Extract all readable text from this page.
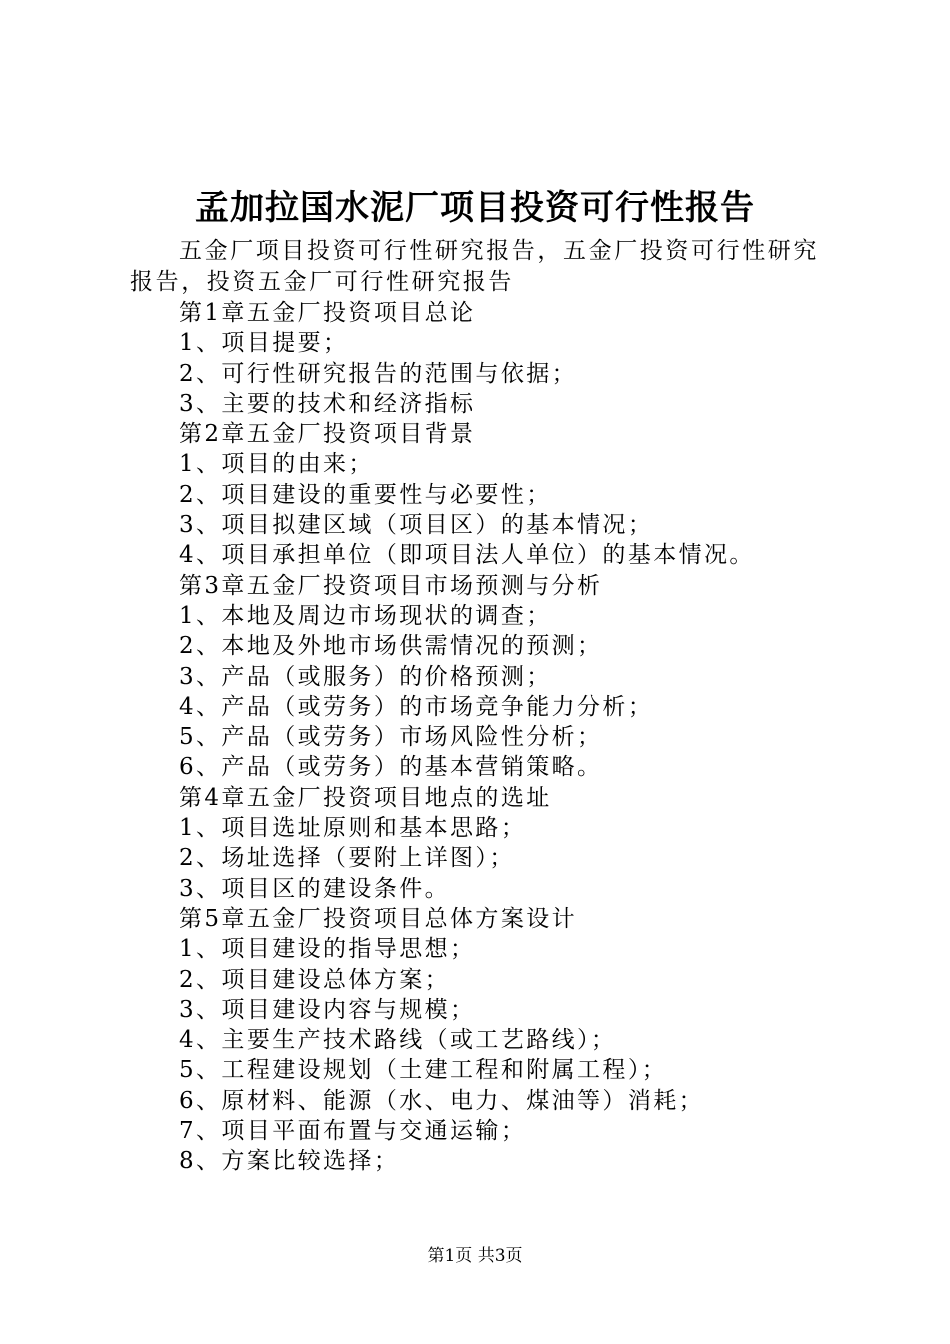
孟加拉国水泥厂项目投资可行性报告
五金厂项目投资可行性研究报告，五金厂投资可行性研究报告，投资五金厂可行性研究报告
第1章五金厂投资项目总论
1、项目提要；
2、可行性研究报告的范围与依据；
3、主要的技术和经济指标
第2章五金厂投资项目背景
1、项目的由来；
2、项目建设的重要性与必要性；
3、项目拟建区域（项目区）的基本情况；
4、项目承担单位（即项目法人单位）的基本情况。
第3章五金厂投资项目市场预测与分析
1、本地及周边市场现状的调查；
2、本地及外地市场供需情况的预测；
3、产品（或服务）的价格预测；
4、产品（或劳务）的市场竞争能力分析；
5、产品（或劳务）市场风险性分析；
6、产品（或劳务）的基本营销策略。
第4章五金厂投资项目地点的选址
1、项目选址原则和基本思路；
2、场址选择（要附上详图）；
3、项目区的建设条件。
第5章五金厂投资项目总体方案设计
1、项目建设的指导思想；
2、项目建设总体方案；
3、项目建设内容与规模；
4、主要生产技术路线（或工艺路线）；
5、工程建设规划（土建工程和附属工程）；
6、原材料、能源（水、电力、煤油等）消耗；
7、项目平面布置与交通运输；
8、方案比较选择；
第1页 共3页
